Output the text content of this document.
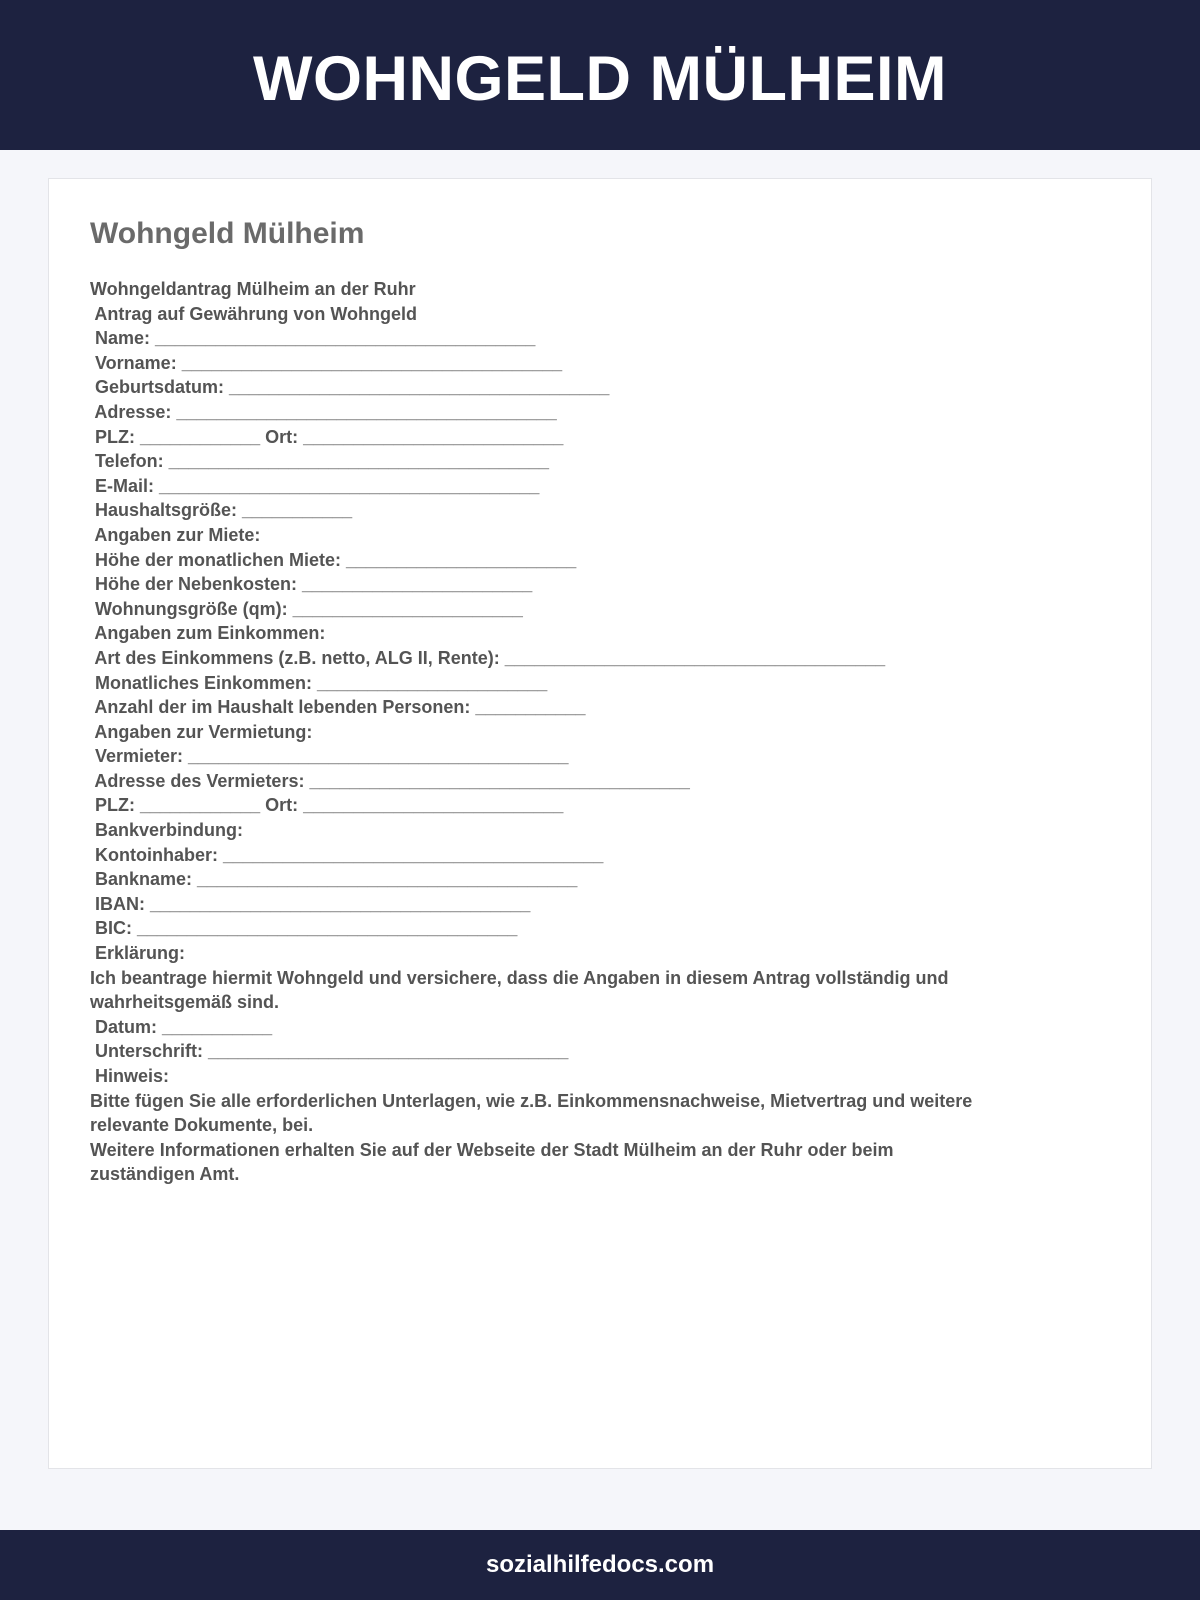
WOHNGELD MÜLHEIM
Wohngeld Mülheim
Wohngeldantrag Mülheim an der Ruhr
Antrag auf Gewährung von Wohngeld
Name: ______________________________________
Vorname: ______________________________________
Geburtsdatum: ______________________________________
Adresse: ______________________________________
PLZ: ____________ Ort: __________________________
Telefon: ______________________________________
E-Mail: ______________________________________
Haushaltsgröße: ___________
Angaben zur Miete:
Höhe der monatlichen Miete: _______________________
Höhe der Nebenkosten: _______________________
Wohnungsgröße (qm): _______________________
Angaben zum Einkommen:
Art des Einkommens (z.B. netto, ALG II, Rente): ______________________________________
Monatliches Einkommen: _______________________
Anzahl der im Haushalt lebenden Personen: ___________
Angaben zur Vermietung:
Vermieter: ______________________________________
Adresse des Vermieters: ______________________________________
PLZ: ____________ Ort: __________________________
Bankverbindung:
Kontoinhaber: ______________________________________
Bankname: ______________________________________
IBAN: ______________________________________
BIC: ______________________________________
Erklärung:
Ich beantrage hiermit Wohngeld und versichere, dass die Angaben in diesem Antrag vollständig und
wahrheitsgemäß sind.
Datum: ___________
Unterschrift: ____________________________________
Hinweis:
Bitte fügen Sie alle erforderlichen Unterlagen, wie z.B. Einkommensnachweise, Mietvertrag und weitere
relevante Dokumente, bei.
Weitere Informationen erhalten Sie auf der Webseite der Stadt Mülheim an der Ruhr oder beim
zuständigen Amt.
sozialhilfedocs.com
